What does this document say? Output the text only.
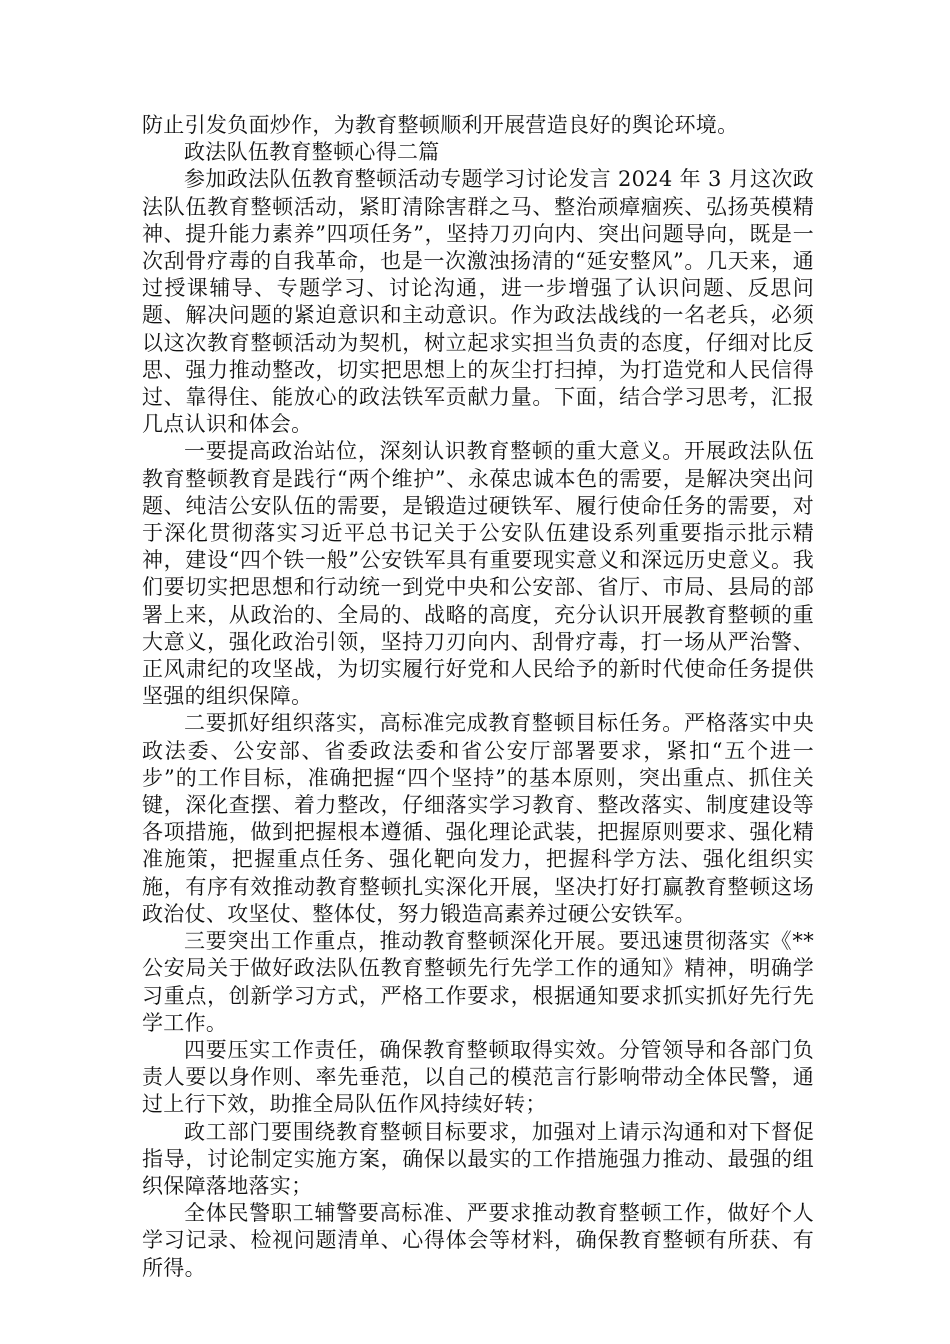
防止引发负面炒作，为教育整顿顺利开展营造良好的舆论环境。

政法队伍教育整顿心得二篇

参加政法队伍教育整顿活动专题学习讨论发言 2024 年 3 月这次政法队伍教育整顿活动，紧盯清除害群之马、整治顽瘴痼疾、弘扬英模精神、提升能力素养”四项任务”，坚持刀刃向内、突出问题导向，既是一次刮骨疗毒的自我革命，也是一次激浊扬清的“延安整风”。几天来，通过授课辅导、专题学习、讨论沟通，进一步增强了认识问题、反思问题、解决问题的紧迫意识和主动意识。作为政法战线的一名老兵，必须以这次教育整顿活动为契机，树立起求实担当负责的态度，仔细对比反思、强力推动整改，切实把思想上的灰尘打扫掉，为打造党和人民信得过、靠得住、能放心的政法铁军贡献力量。下面，结合学习思考，汇报几点认识和体会。

一要提高政治站位，深刻认识教育整顿的重大意义。开展政法队伍教育整顿教育是践行“两个维护”、永葆忠诚本色的需要，是解决突出问题、纯洁公安队伍的需要，是锻造过硬铁军、履行使命任务的需要，对于深化贯彻落实习近平总书记关于公安队伍建设系列重要指示批示精神，建设“四个铁一般”公安铁军具有重要现实意义和深远历史意义。我们要切实把思想和行动统一到党中央和公安部、省厅、市局、县局的部署上来，从政治的、全局的、战略的高度，充分认识开展教育整顿的重大意义，强化政治引领，坚持刀刃向内、刮骨疗毒，打一场从严治警、正风肃纪的攻坚战，为切实履行好党和人民给予的新时代使命任务提供坚强的组织保障。

二要抓好组织落实，高标准完成教育整顿目标任务。严格落实中央政法委、公安部、省委政法委和省公安厅部署要求，紧扣“五个进一步”的工作目标，准确把握“四个坚持”的基本原则，突出重点、抓住关键，深化查摆、着力整改，仔细落实学习教育、整改落实、制度建设等各项措施，做到把握根本遵循、强化理论武装，把握原则要求、强化精准施策，把握重点任务、强化靶向发力，把握科学方法、强化组织实施，有序有效推动教育整顿扎实深化开展，坚决打好打赢教育整顿这场政治仗、攻坚仗、整体仗，努力锻造高素养过硬公安铁军。

三要突出工作重点，推动教育整顿深化开展。要迅速贯彻落实《**公安局关于做好政法队伍教育整顿先行先学工作的通知》精神，明确学习重点，创新学习方式，严格工作要求，根据通知要求抓实抓好先行先学工作。

四要压实工作责任，确保教育整顿取得实效。分管领导和各部门负责人要以身作则、率先垂范，以自己的模范言行影响带动全体民警，通过上行下效，助推全局队伍作风持续好转；

政工部门要围绕教育整顿目标要求，加强对上请示沟通和对下督促指导，讨论制定实施方案，确保以最实的工作措施强力推动、最强的组织保障落地落实；

全体民警职工辅警要高标准、严要求推动教育整顿工作，做好个人学习记录、检视问题清单、心得体会等材料，确保教育整顿有所获、有所得。
